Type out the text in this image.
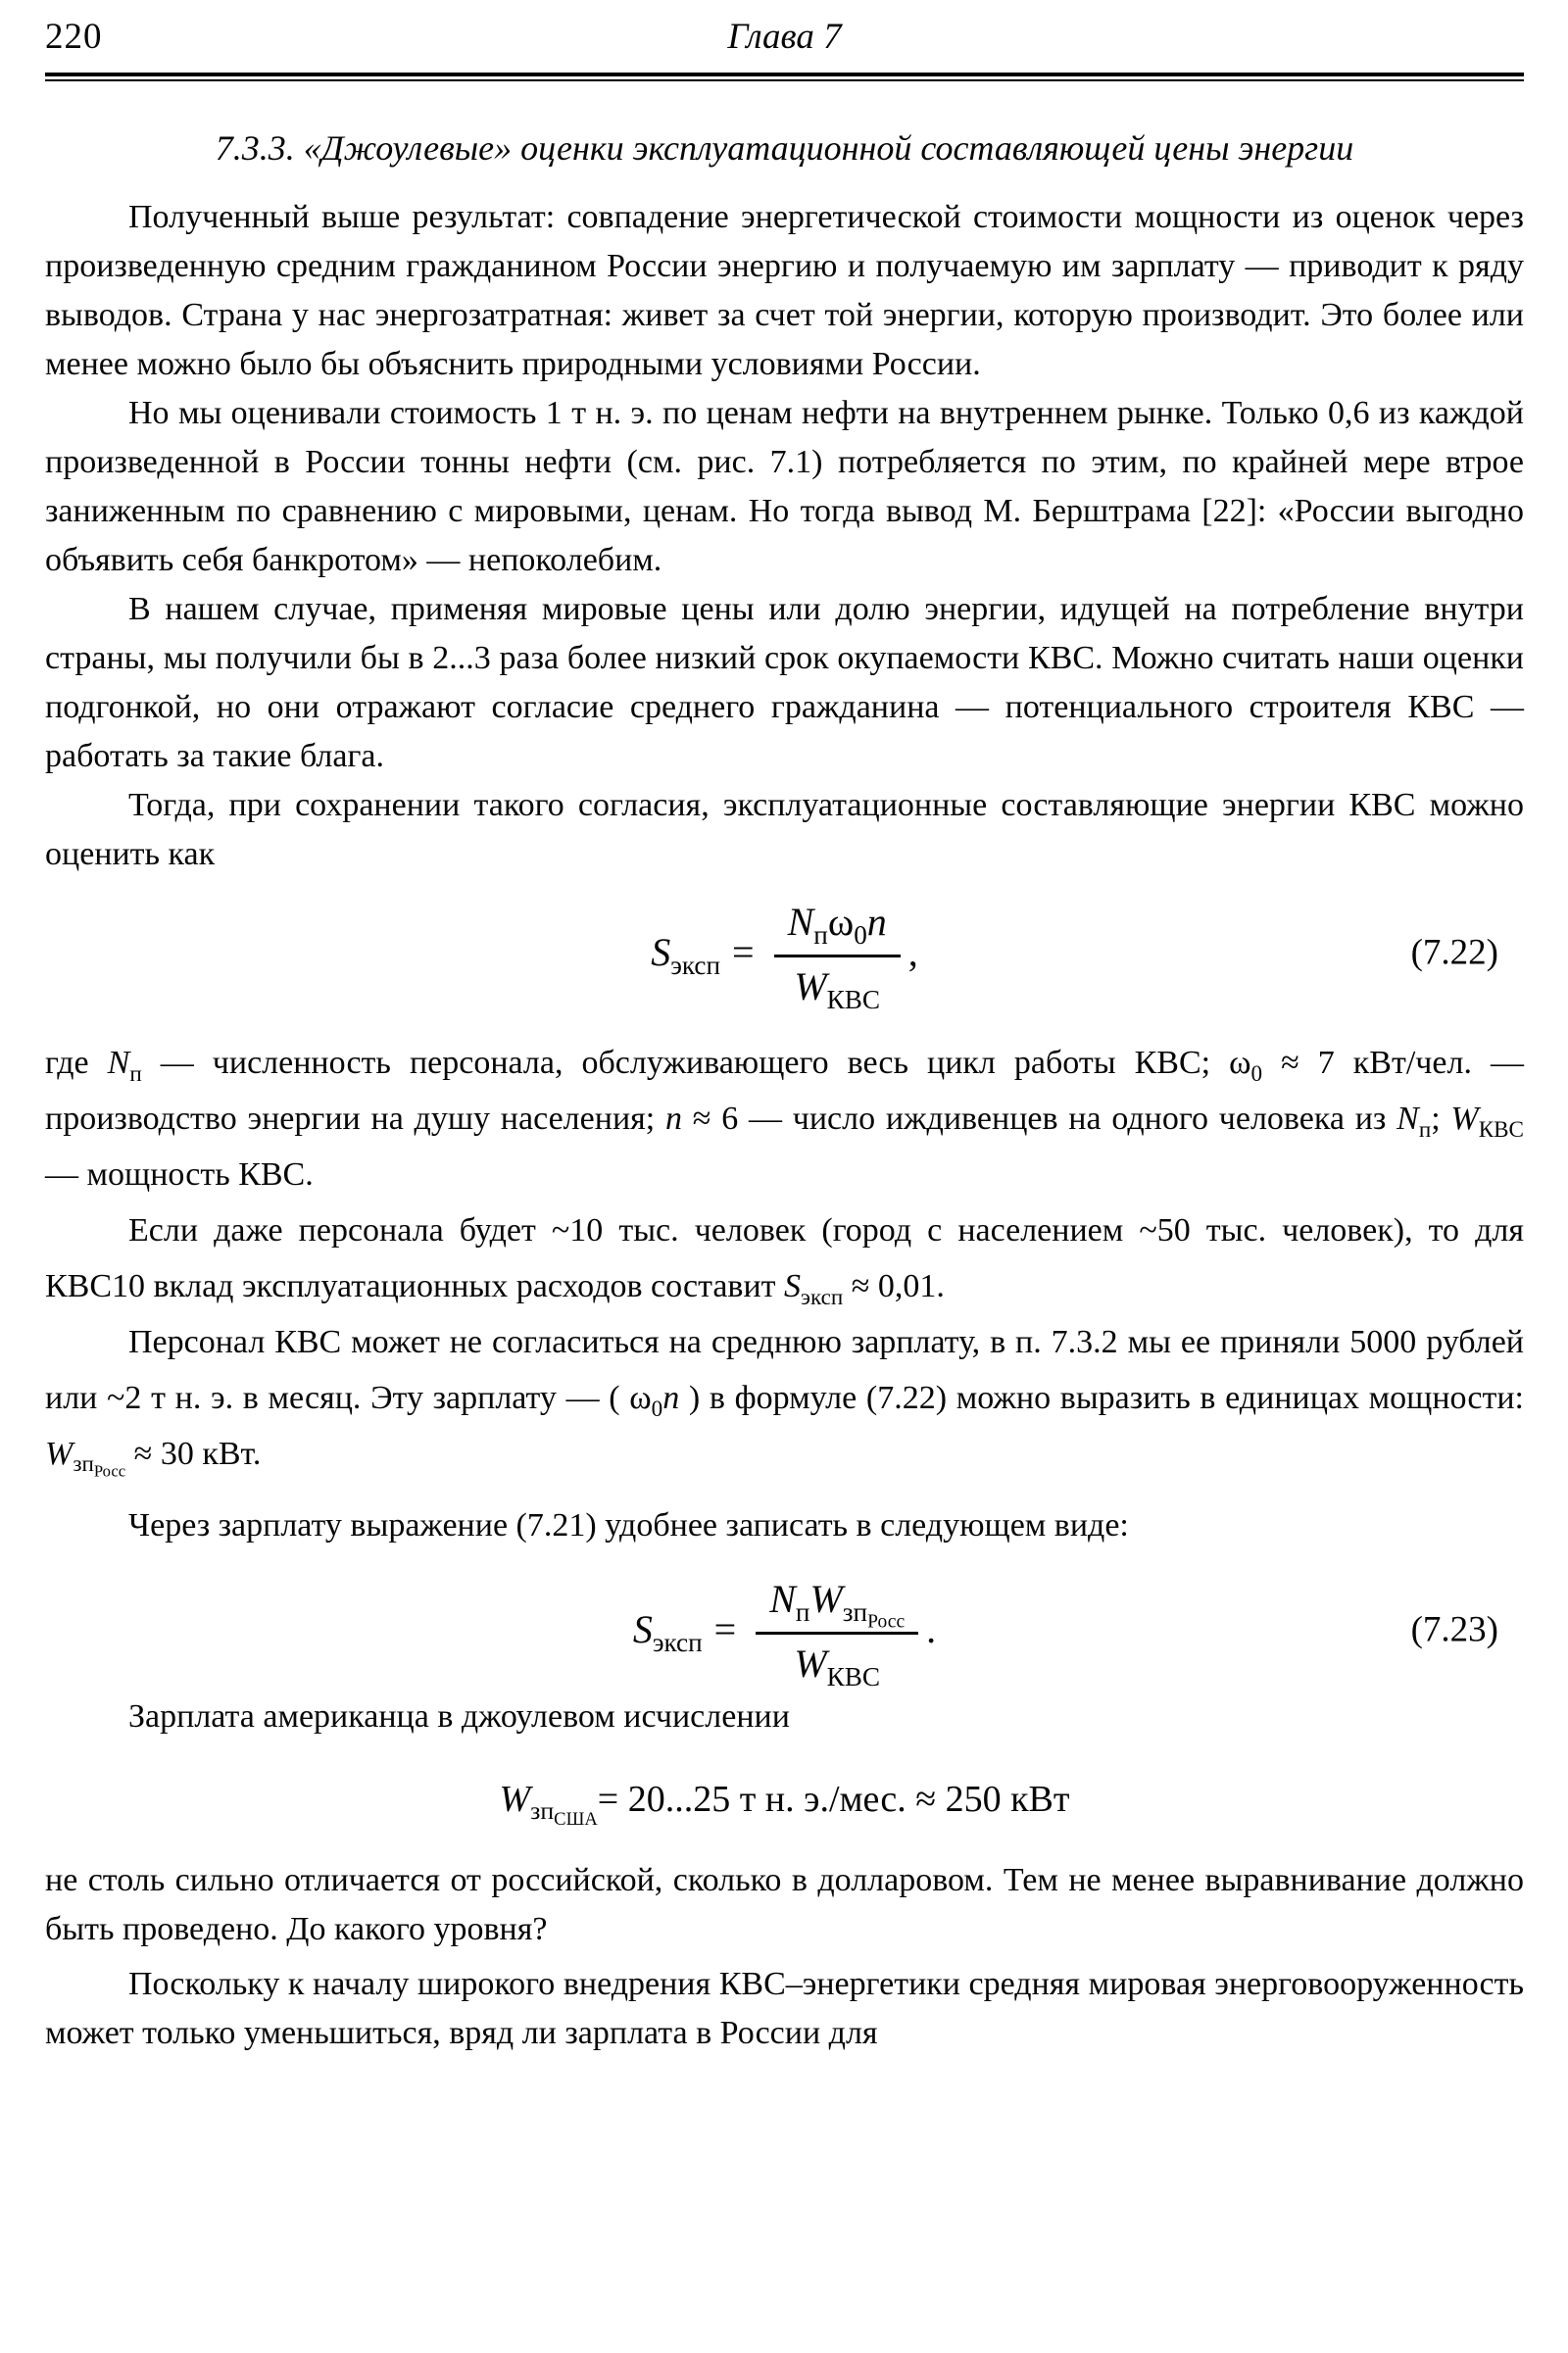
220	Глава 7
7.3.3. «Джоулевые» оценки эксплуатационной составляющей цены энергии

Полученный выше результат: совпадение энергетической стоимости мощности из оценок через произведенную средним гражданином России энергию и получаемую им зарплату — приводит к ряду выводов. Страна у нас энергозатратная: живет за счет той энергии, которую производит. Это более или менее можно было бы объяснить природными условиями России.

Но мы оценивали стоимость 1 т н. э. по ценам нефти на внутреннем рынке. Только 0,6 из каждой произведенной в России тонны нефти (см. рис. 7.1) потребляется по этим, по крайней мере втрое заниженным по сравнению с мировыми, ценам. Но тогда вывод М. Берштрама [22]: «России выгодно объявить себя банкротом» — непоколебим.

В нашем случае, применяя мировые цены или долю энергии, идущей на потребление внутри страны, мы получили бы в 2...3 раза более низкий срок окупаемости КВС. Можно считать наши оценки подгонкой, но они отражают согласие среднего гражданина — потенциального строителя КВС — работать за такие блага.

Тогда, при сохранении такого согласия, эксплуатационные составляющие энергии КВС можно оценить как

$S_{эксп} = \frac{N_п\omega_0n}{W_{КВС}}$ ,	(7.22)

где $N_п$ — численность персонала, обслуживающего весь цикл работы КВС; $\omega_0 \approx 7$ кВт/чел. — производство энергии на душу населения; n ≈ 6 — число иждивенцев на одного человека из $N_п$; $W_{КВС}$ — мощность КВС.

Если даже персонала будет ~10 тыс. человек (город с населением ~50 тыс. человек), то для КВС10 вклад эксплуатационных расходов составит $S_{эксп} \approx 0,01$.

Персонал КВС может не согласиться на среднюю зарплату, в п. 7.3.2 мы ее приняли 5000 рублей или ~2 т н. э. в месяц. Эту зарплату — ( $\omega_0n$ ) в формуле (7.22) можно выразить в единицах мощности: $W_{зп_{Росс}} \approx 30$ кВт.

Через зарплату выражение (7.21) удобнее записать в следующем виде:

$S_{эксп} = \frac{N_пW_{зп_{Росс}}}{W_{КВС}}$ .	(7.23)

Зарплата американца в джоулевом исчислении

$W_{зп_{США}}$
= 20...25 т н. э./мес. ≈ 250 кВт

не столь сильно отличается от российской, сколько в долларовом. Тем не менее выравнивание должно быть проведено. До какого уровня?

Поскольку к началу широкого внедрения КВС–энергетики средняя мировая энерговооруженность может только уменьшиться, вряд ли зарплата в России для
